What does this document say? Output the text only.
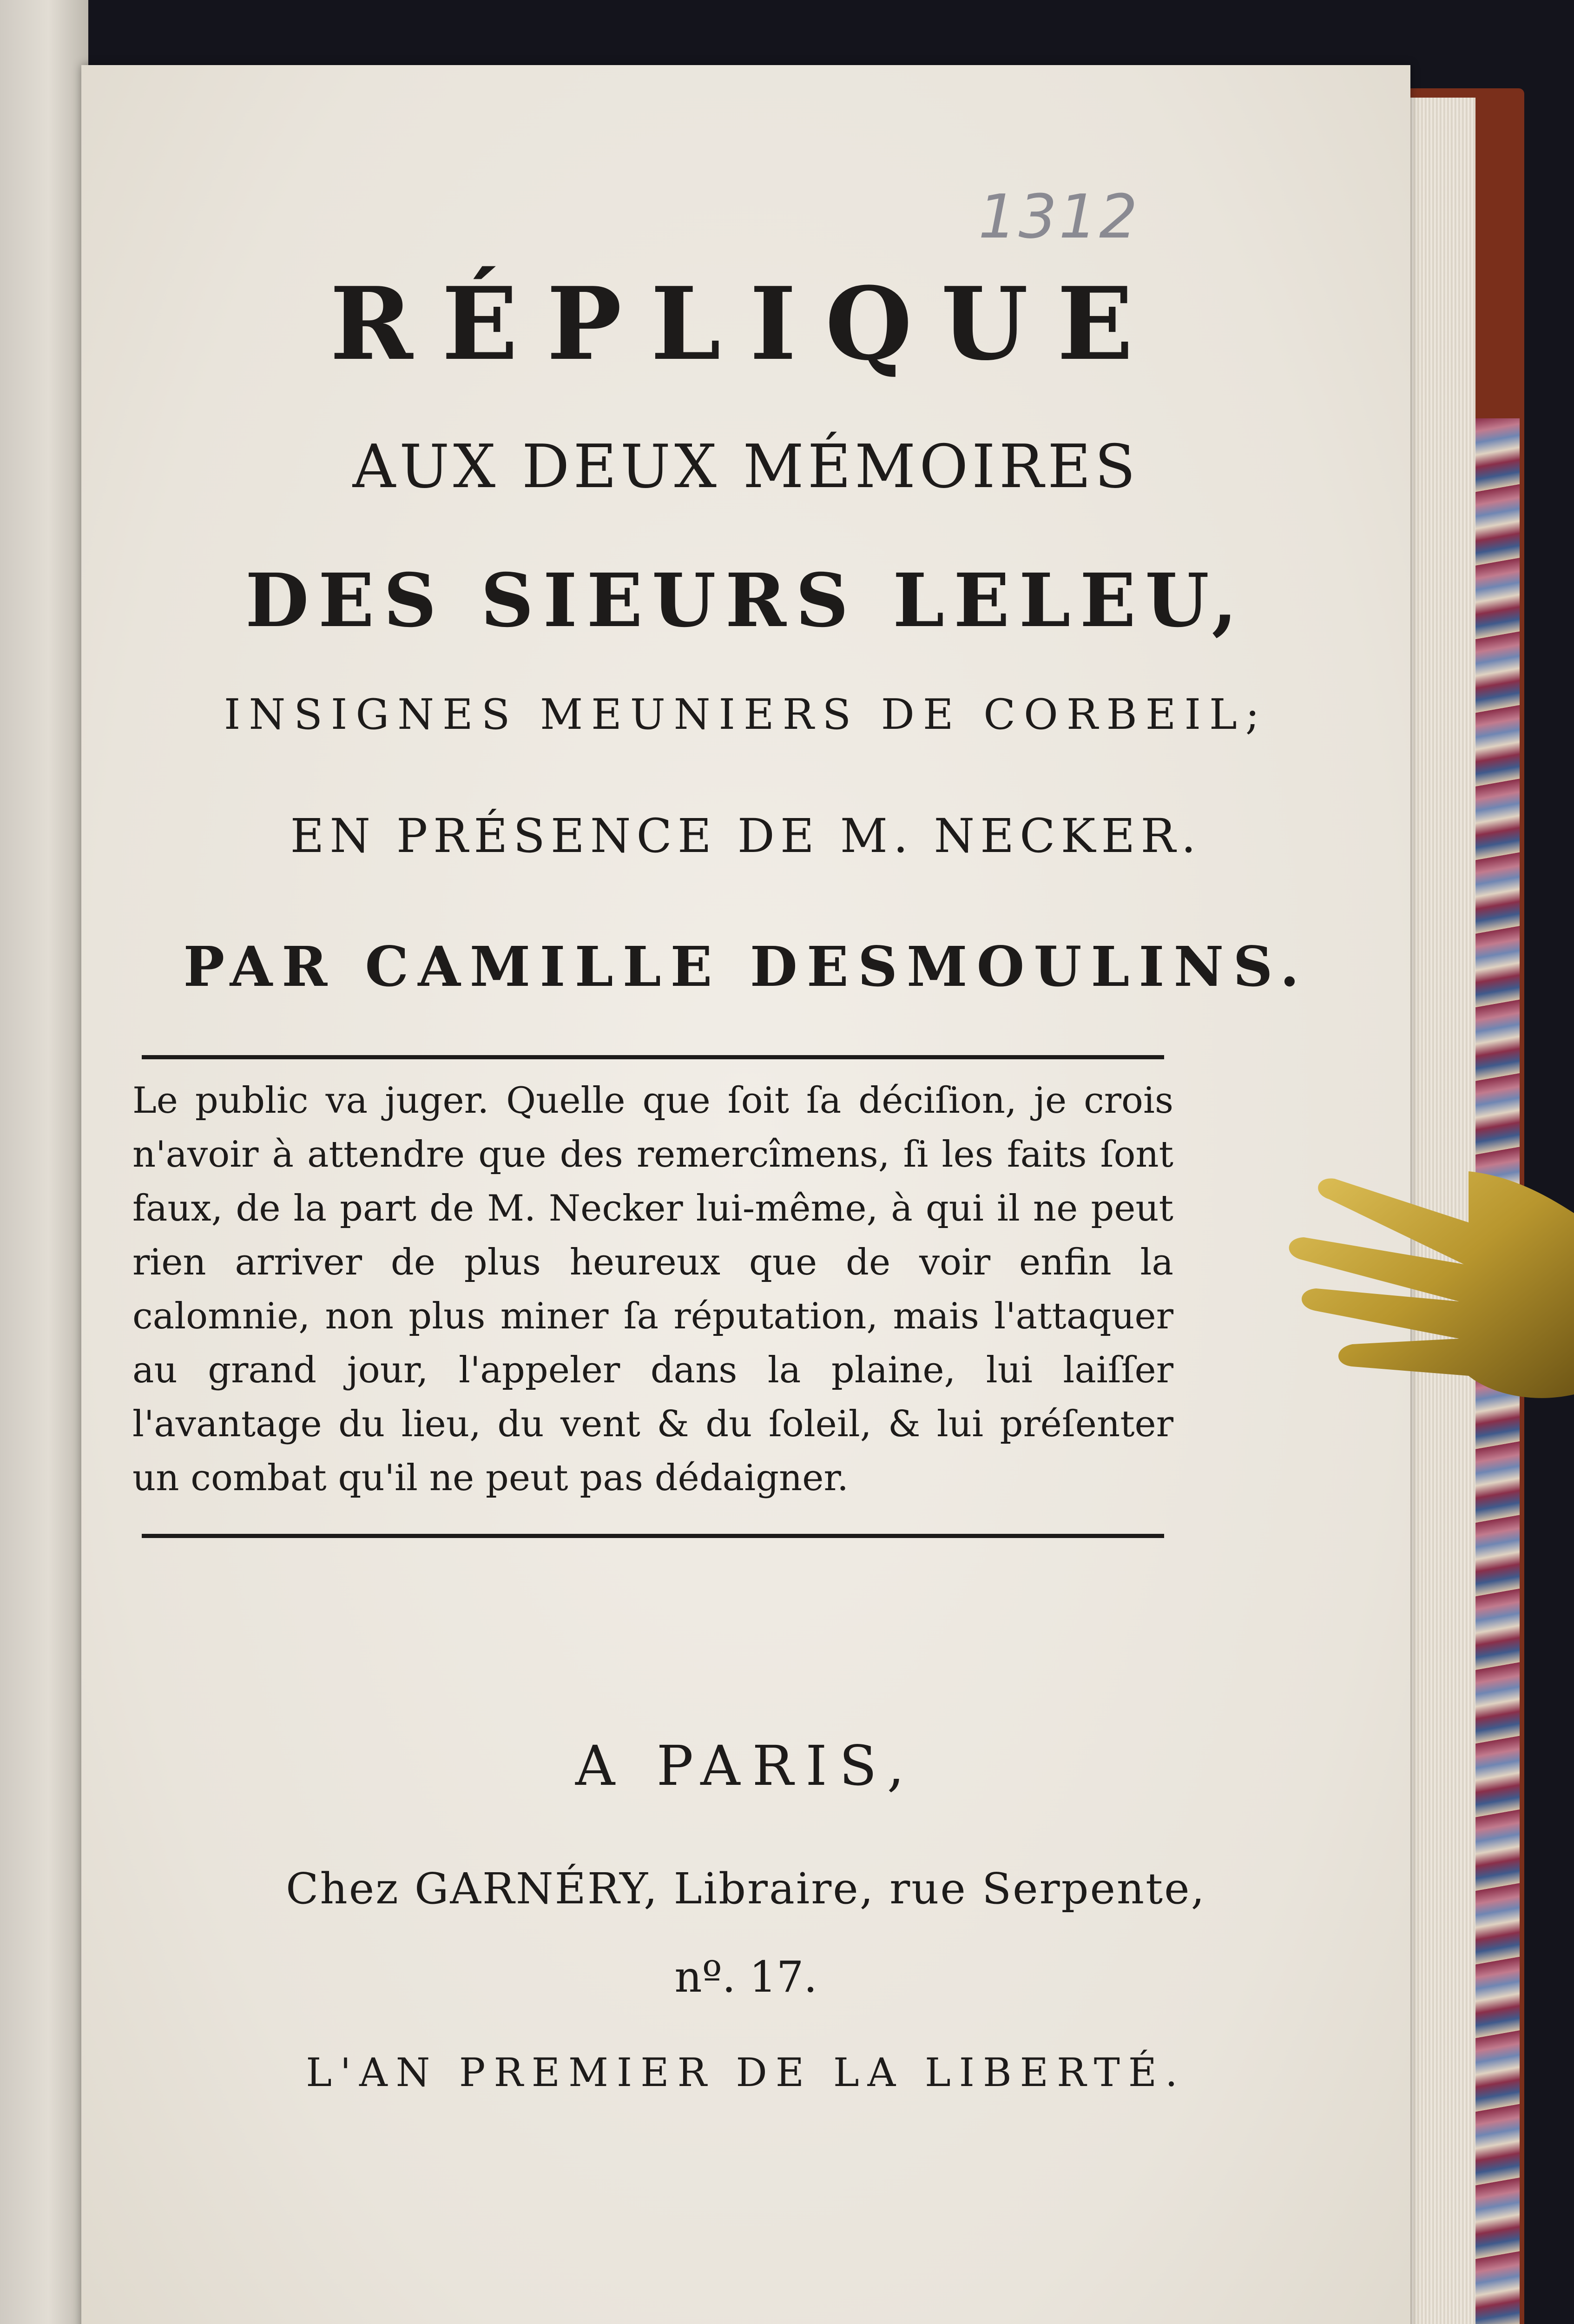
1312
RÉPLIQUE
AUX DEUX MÉMOIRES
DES SIEURS LELEU,
INSIGNES MEUNIERS DE CORBEIL;
EN PRÉSENCE DE M. NECKER.
PAR CAMILLE DESMOULINS.

Le public va juger. Quelle que ſoit ſa déciſion, je crois n'avoir à attendre que des remercîmens, ſi les faits ſont faux, de la part de M. Necker lui-même, à qui il ne peut rien arriver de plus heureux que de voir enfin la calomnie, non plus miner ſa réputation, mais l'attaquer au grand jour, l'appeler dans la plaine, lui laiſſer l'avantage du lieu, du vent & du ſoleil, & lui préſenter un combat qu'il ne peut pas dédaigner.

A PARIS,
Chez GARNÉRY, Libraire, rue Serpente,
nº. 17.
L'AN PREMIER DE LA LIBERTÉ.
